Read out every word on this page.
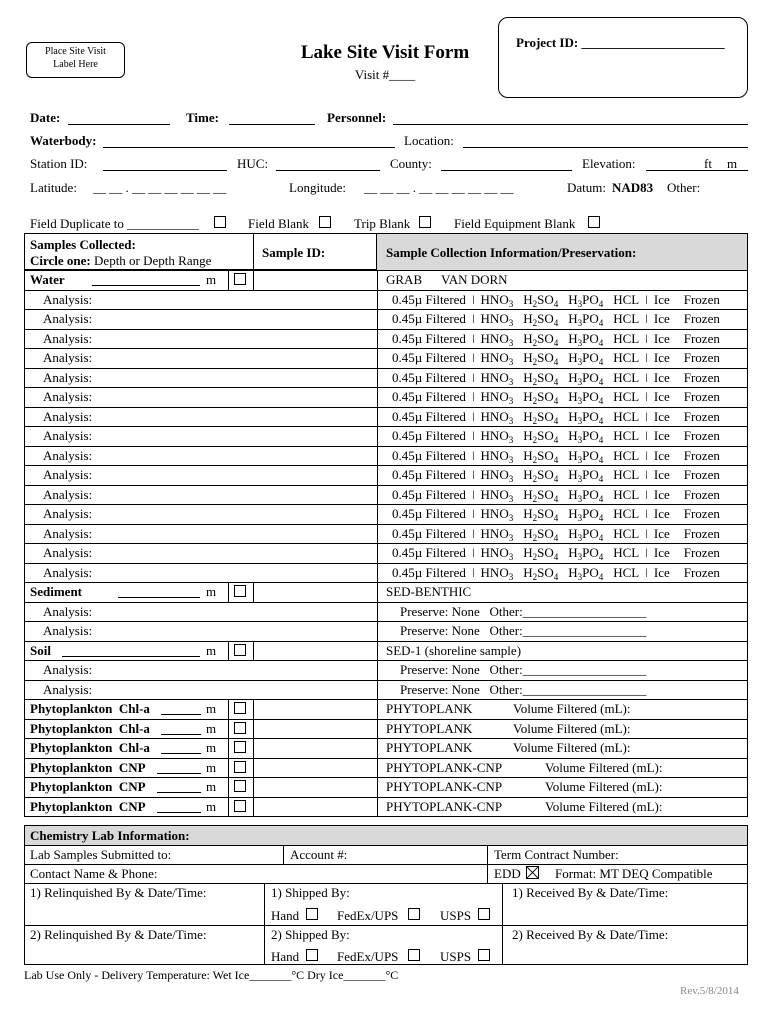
Place Site Visit
Label Here
Lake Site Visit Form
Visit #____
Project ID: ______________________
Date:	Time:	Personnel:
Waterbody:	Location:
Station ID:	HUC:	County:	Elevation:	ft m
Latitude: __ __ . __ __ __ __ __ __	Longitude: __ __ __ . __ __ __ __ __ __	Datum: NAD83 Other:
Field Duplicate to ___________	Field Blank	Trip Blank	Field Equipment Blank
Samples Collected:
Circle one: Depth or Depth Range
Sample ID:	Sample Collection Information/Preservation:
Water	m	GRAB VAN DORN
Analysis:	0.45µ Filtered ǀ $HNO_3$ $H_2SO_4$ $H_3PO_4$ HCL ǀ Ice Frozen
Analysis:	0.45µ Filtered ǀ $HNO_3$ $H_2SO_4$ $H_3PO_4$ HCL ǀ Ice Frozen
Analysis:	0.45µ Filtered ǀ $HNO_3$ $H_2SO_4$ $H_3PO_4$ HCL ǀ Ice Frozen
Analysis:	0.45µ Filtered ǀ $HNO_3$ $H_2SO_4$ $H_3PO_4$ HCL ǀ Ice Frozen
Analysis:	0.45µ Filtered ǀ $HNO_3$ $H_2SO_4$ $H_3PO_4$ HCL ǀ Ice Frozen
Analysis:	0.45µ Filtered ǀ $HNO_3$ $H_2SO_4$ $H_3PO_4$ HCL ǀ Ice Frozen
Analysis:	0.45µ Filtered ǀ $HNO_3$ $H_2SO_4$ $H_3PO_4$ HCL ǀ Ice Frozen
Analysis:	0.45µ Filtered ǀ $HNO_3$ $H_2SO_4$ $H_3PO_4$ HCL ǀ Ice Frozen
Analysis:	0.45µ Filtered ǀ $HNO_3$ $H_2SO_4$ $H_3PO_4$ HCL ǀ Ice Frozen
Analysis:	0.45µ Filtered ǀ $HNO_3$ $H_2SO_4$ $H_3PO_4$ HCL ǀ Ice Frozen
Analysis:	0.45µ Filtered ǀ $HNO_3$ $H_2SO_4$ $H_3PO_4$ HCL ǀ Ice Frozen
Analysis:	0.45µ Filtered ǀ $HNO_3$ $H_2SO_4$ $H_3PO_4$ HCL ǀ Ice Frozen
Analysis:	0.45µ Filtered ǀ $HNO_3$ $H_2SO_4$ $H_3PO_4$ HCL ǀ Ice Frozen
Analysis:	0.45µ Filtered ǀ $HNO_3$ $H_2SO_4$ $H_3PO_4$ HCL ǀ Ice Frozen
Analysis:	0.45µ Filtered ǀ $HNO_3$ $H_2SO_4$ $H_3PO_4$ HCL ǀ Ice Frozen
Sediment	m	SED-BENTHIC
Analysis:	Preserve: None   Other:___________________
Analysis:	Preserve: None   Other:___________________
Soil	m	SED-1 (shoreline sample)
Analysis:	Preserve: None   Other:___________________
Analysis:	Preserve: None   Other:___________________
Phytoplankton  Chl-a	m	PHYTOPLANK	Volume Filtered (mL):
Phytoplankton  Chl-a	m	PHYTOPLANK	Volume Filtered (mL):
Phytoplankton  Chl-a	m	PHYTOPLANK	Volume Filtered (mL):
Phytoplankton  CNP	m	PHYTOPLANK-CNP	Volume Filtered (mL):
Phytoplankton  CNP	m	PHYTOPLANK-CNP	Volume Filtered (mL):
Phytoplankton  CNP	m	PHYTOPLANK-CNP	Volume Filtered (mL):
Chemistry Lab Information:
Lab Samples Submitted to:	Account #:	Term Contract Number:
Contact Name & Phone:	EDD	Format: MT DEQ Compatible
1) Relinquished By & Date/Time:	1) Shipped By:	1) Received By & Date/Time:
Hand	FedEx/UPS	USPS
2) Relinquished By & Date/Time:	2) Shipped By:	2) Received By & Date/Time:
Hand	FedEx/UPS	USPS
Lab Use Only - Delivery Temperature: Wet Ice_______°C Dry Ice_______°C
Rev.5/8/2014
